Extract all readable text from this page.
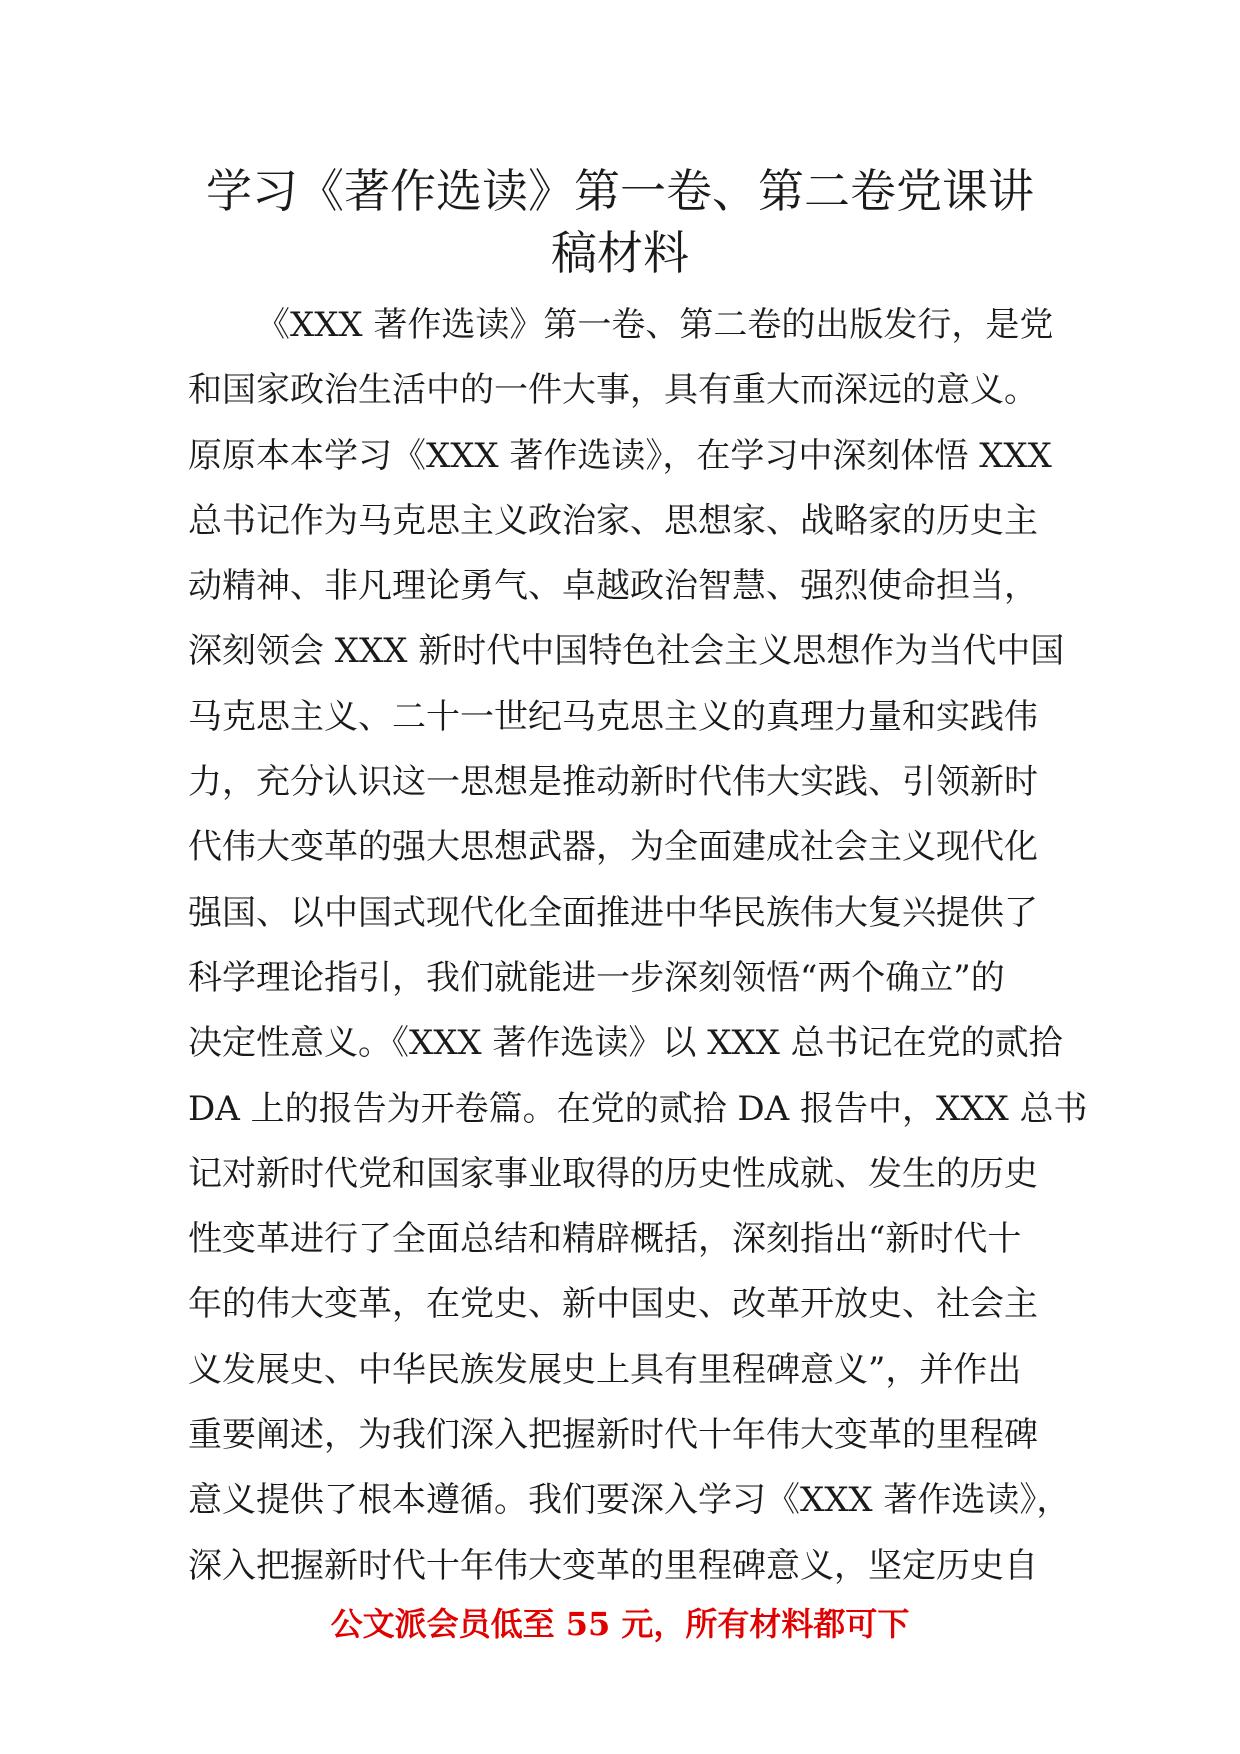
学习《著作选读》第一卷、第二卷党课讲
稿材料
《XXX 著作选读》第一卷、第二卷的出版发行，是党
和国家政治生活中的一件大事，具有重大而深远的意义。
原原本本学习《XXX 著作选读》，在学习中深刻体悟 XXX
总书记作为马克思主义政治家、思想家、战略家的历史主
动精神、非凡理论勇气、卓越政治智慧、强烈使命担当，
深刻领会 XXX 新时代中国特色社会主义思想作为当代中国
马克思主义、二十一世纪马克思主义的真理力量和实践伟
力，充分认识这一思想是推动新时代伟大实践、引领新时
代伟大变革的强大思想武器，为全面建成社会主义现代化
强国、以中国式现代化全面推进中华民族伟大复兴提供了
科学理论指引，我们就能进一步深刻领悟“两个确立”的
决定性意义。《XXX 著作选读》以 XXX 总书记在党的贰拾
DA 上的报告为开卷篇。在党的贰拾 DA 报告中，XXX 总书
记对新时代党和国家事业取得的历史性成就、发生的历史
性变革进行了全面总结和精辟概括，深刻指出“新时代十
年的伟大变革，在党史、新中国史、改革开放史、社会主
义发展史、中华民族发展史上具有里程碑意义”，并作出
重要阐述，为我们深入把握新时代十年伟大变革的里程碑
意义提供了根本遵循。我们要深入学习《XXX 著作选读》，
深入把握新时代十年伟大变革的里程碑意义，坚定历史自
公文派会员低至 55 元，所有材料都可下
